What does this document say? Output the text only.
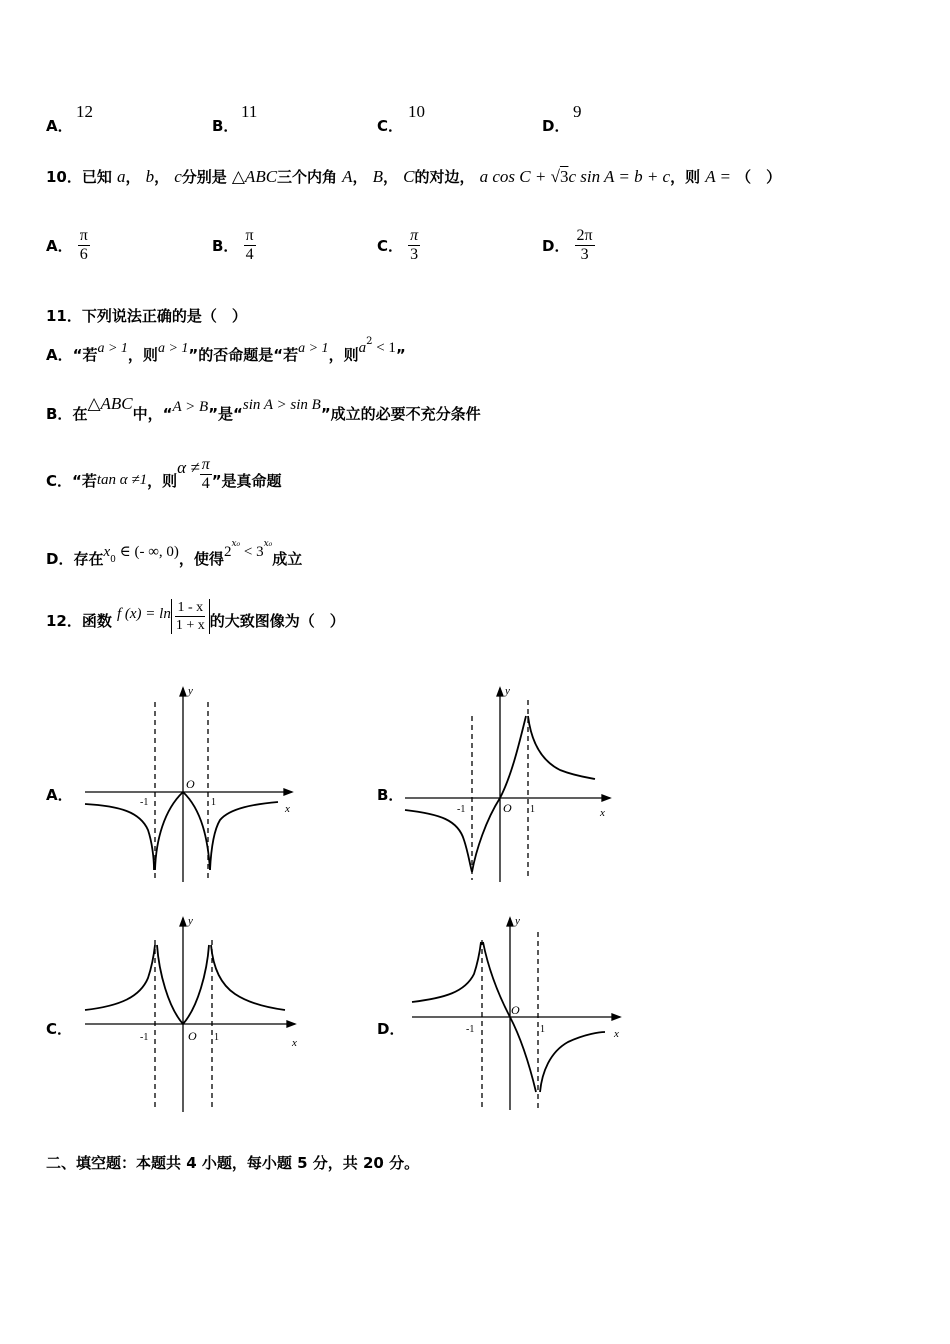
A．
12
B．
11
C．
10
D．
9
10．已知 a， b， c分别是 △ABC三个内角 A， B， C的对边， a cos C + √3c sin A = b + c，则 A = （　）
A． $\frac{\pi}{6}$	B． $\frac{\pi}{4}$	C． $\frac{\pi}{3}$	D． $\frac{2\pi}{3}$
11．下列说法正确的是（　）
A．“若a > 1，则a > 1”的否命题是“若a > 1，则$a^2 < 1$”
B．在△ABC中，“A > B”是“sin A > sin B”成立的必要不充分条件
C．“若tan α ≠1，则$\alpha \ne \frac{\pi}{4}$ ”是真命题
D．存在$x_0$ ∈ (- ∞, 0)，使得$2^{x_0} < 3^{x_0}$成立
12．函数 f $(x) = \ln \frac{1 - x}{1 + x}$ 的大致图像为（　）
A．	B．
C．	D．
y
x
O
-1	1
y
x
O
-1	1
y
x
O
-1	1
y
x
O
-1	1
二、填空题：本题共 4 小题，每小题 5 分，共 20 分。
